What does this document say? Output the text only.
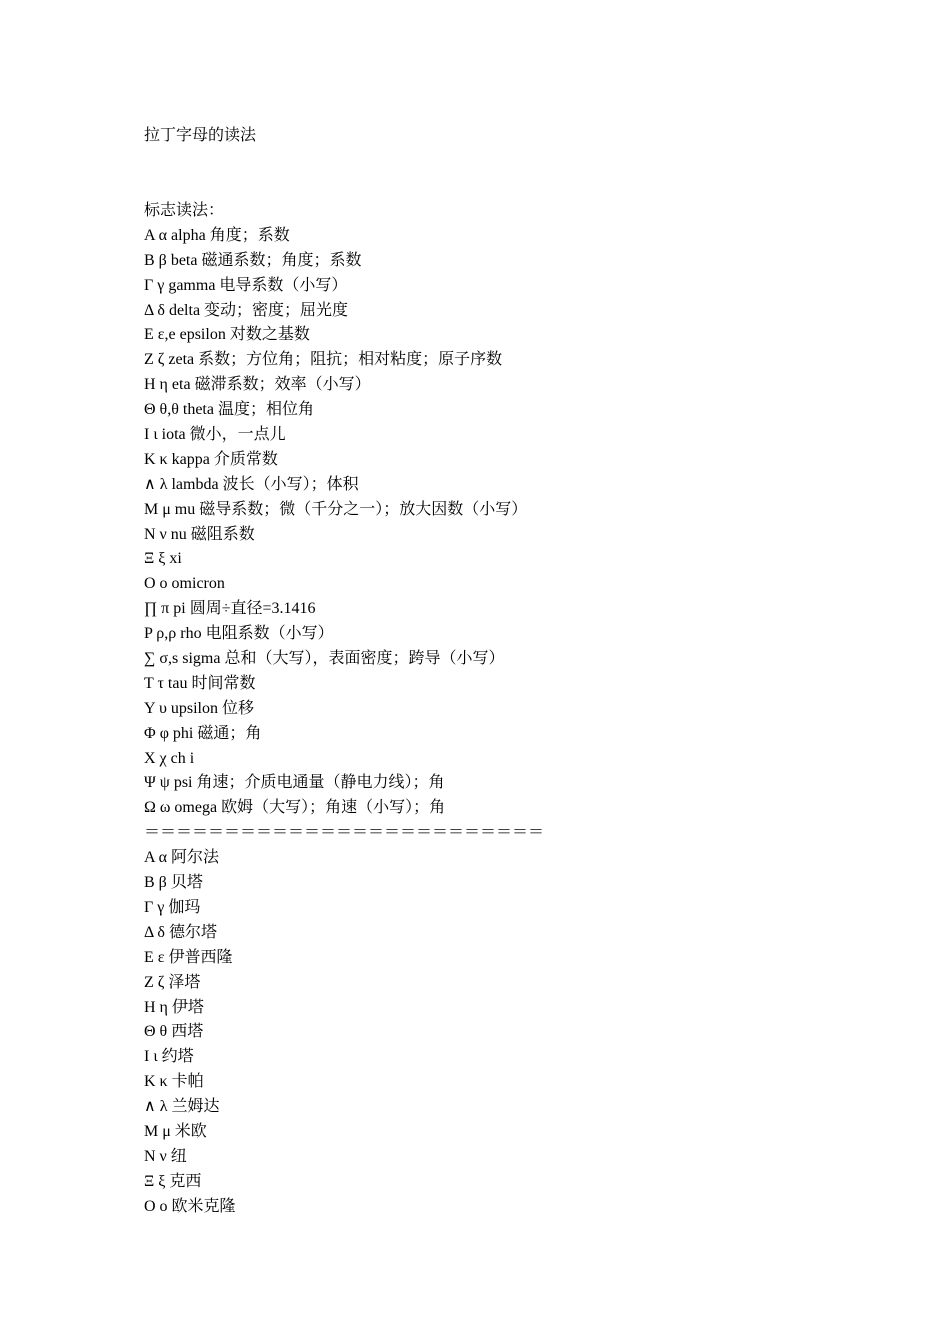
拉丁字母的读法
标志读法：
A α alpha 角度；系数
B β beta 磁通系数；角度；系数
Γ γ gamma 电导系数（小写）
Δ δ delta 变动；密度；屈光度
E ε,e epsilon 对数之基数
Z ζ zeta 系数；方位角；阻抗；相对粘度；原子序数
H η eta 磁滞系数；效率（小写）
Θ θ,θ theta 温度；相位角
I ι iota 微小，一点儿
K κ kappa 介质常数
∧ λ lambda 波长（小写）；体积
M μ mu 磁导系数；微（千分之一）；放大因数（小写）
N ν nu 磁阻系数
Ξ ξ xi
O ο omicron
∏ π pi 圆周÷直径=3.1416
P ρ,ρ rho 电阻系数（小写）
∑ σ,s sigma 总和（大写），表面密度；跨导（小写）
T τ tau 时间常数
Y υ upsilon 位移
Φ φ phi 磁通；角
X χ ch i
Ψ ψ psi 角速；介质电通量（静电力线）；角
Ω ω omega 欧姆（大写）；角速（小写）；角
＝＝＝＝＝＝＝＝＝＝＝＝＝＝＝＝＝＝＝＝＝＝＝＝＝
A α 阿尔法
B β 贝塔
Γ γ 伽玛
Δ δ 德尔塔
E ε 伊普西隆
Z ζ 泽塔
H η 伊塔
Θ θ 西塔
I ι 约塔
K κ 卡帕
∧ λ 兰姆达
M μ 米欧
N ν 纽
Ξ ξ 克西
O ο 欧米克隆
